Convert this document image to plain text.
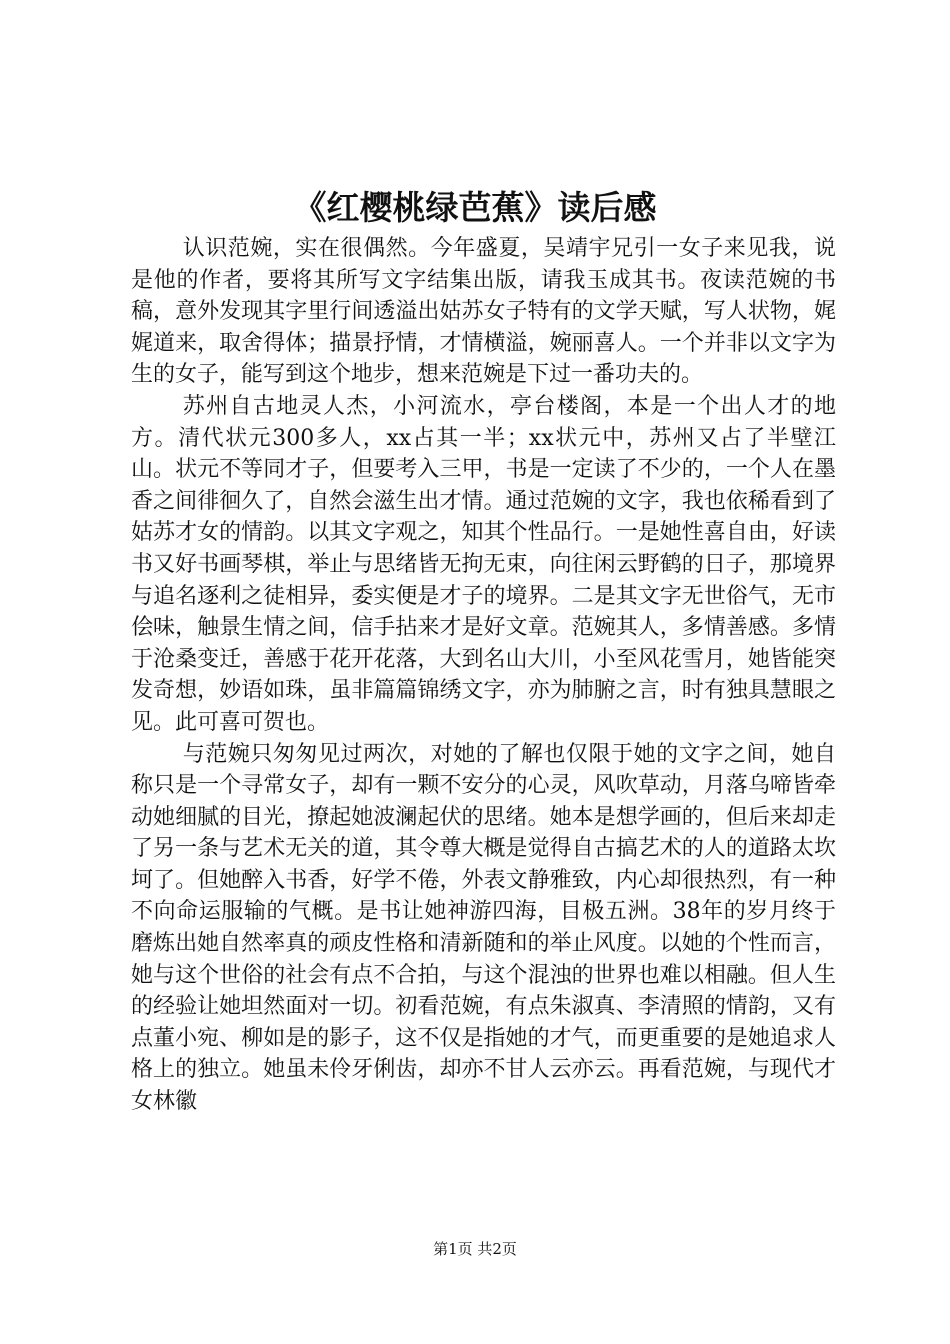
《红樱桃绿芭蕉》读后感

认识范婉，实在很偶然。今年盛夏，吴靖宇兄引一女子来见我，说是他的作者，要将其所写文字结集出版，请我玉成其书。夜读范婉的书稿，意外发现其字里行间透溢出姑苏女子特有的文学天赋，写人状物，娓娓道来，取舍得体；描景抒情，才情横溢，婉丽喜人。一个并非以文字为生的女子，能写到这个地步，想来范婉是下过一番功夫的。

苏州自古地灵人杰，小河流水，亭台楼阁，本是一个出人才的地方。清代状元300多人，xx占其一半；xx状元中，苏州又占了半壁江山。状元不等同才子，但要考入三甲，书是一定读了不少的，一个人在墨香之间徘徊久了，自然会滋生出才情。通过范婉的文字，我也依稀看到了姑苏才女的情韵。以其文字观之，知其个性品行。一是她性喜自由，好读书又好书画琴棋，举止与思绪皆无拘无束，向往闲云野鹤的日子，那境界与追名逐利之徒相异，委实便是才子的境界。二是其文字无世俗气，无市侩味，触景生情之间，信手拈来才是好文章。范婉其人，多情善感。多情于沧桑变迁，善感于花开花落，大到名山大川，小至风花雪月，她皆能突发奇想，妙语如珠，虽非篇篇锦绣文字，亦为肺腑之言，时有独具慧眼之见。此可喜可贺也。

与范婉只匆匆见过两次，对她的了解也仅限于她的文字之间，她自称只是一个寻常女子，却有一颗不安分的心灵，风吹草动，月落乌啼皆牵动她细腻的目光，撩起她波澜起伏的思绪。她本是想学画的，但后来却走了另一条与艺术无关的道，其令尊大概是觉得自古搞艺术的人的道路太坎坷了。但她醉入书香，好学不倦，外表文静雅致，内心却很热烈，有一种不向命运服输的气概。是书让她神游四海，目极五洲。38年的岁月终于磨炼出她自然率真的顽皮性格和清新随和的举止风度。以她的个性而言，她与这个世俗的社会有点不合拍，与这个混浊的世界也难以相融。但人生的经验让她坦然面对一切。初看范婉，有点朱淑真、李清照的情韵，又有点董小宛、柳如是的影子，这不仅是指她的才气，而更重要的是她追求人格上的独立。她虽未伶牙俐齿，却亦不甘人云亦云。再看范婉，与现代才女林徽

第1页 共2页
